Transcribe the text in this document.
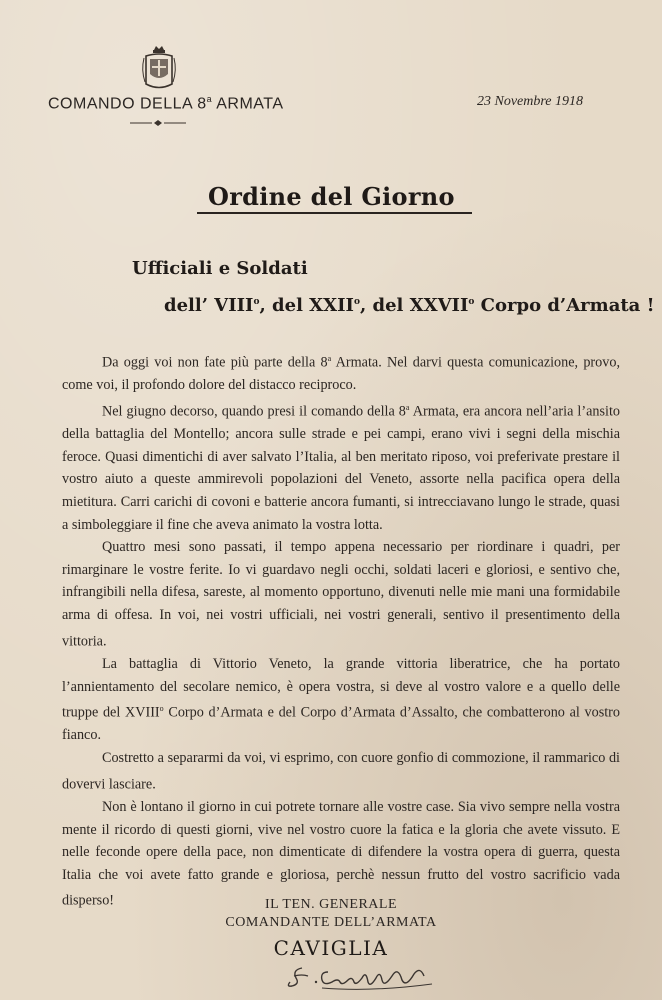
COMANDO DELLA 8$^a$ ARMATA	23 Novembre 1918
Ordine del Giorno
Ufficiali e Soldati
dell’ VIII$^o$, del XXII$^o$, del XXVII$^o$ Corpo d’Armata !

Da oggi voi non fate più parte della 8$^a$ Armata. Nel darvi questa comunicazione, provo, come voi, il profondo dolore del distacco reciproco.

Nel giugno decorso, quando presi il comando della 8$^a$ Armata, era ancora nell’aria l’ansito della battaglia del Montello; ancora sulle strade e pei campi, erano vivi i segni della mischia feroce. Quasi dimentichi di aver salvato l’Italia, al ben meritato riposo, voi preferivate prestare il vostro aiuto a queste ammirevoli popolazioni del Veneto, assorte nella pacifica opera della mietitura. Carri carichi di covoni e batterie ancora fumanti, si intrecciavano lungo le strade, quasi a simboleggiare il fine che aveva animato la vostra lotta.

Quattro mesi sono passati, il tempo appena necessario per riordinare i quadri, per rimarginare le vostre ferite. Io vi guardavo negli occhi, soldati laceri e gloriosi, e sentivo che, infrangibili nella difesa, sareste, al momento opportuno, divenuti nelle mie mani una formidabile arma di offesa. In voi, nei vostri ufficiali, nei vostri generali, sentivo il presentimento della vittoria.

La battaglia di Vittorio Veneto, la grande vittoria liberatrice, che ha portato l’annientamento del secolare nemico, è opera vostra, si deve al vostro valore e a quello delle truppe del XVIII$^o$ Corpo d’Armata e del Corpo d’Armata d’Assalto, che combatterono al vostro fianco.

Costretto a separarmi da voi, vi esprimo, con cuore gonfio di commozione, il rammarico di dovervi lasciare.

Non è lontano il giorno in cui potrete tornare alle vostre case. Sia vivo sempre nella vostra mente il ricordo di questi giorni, vive nel vostro cuore la fatica e la gloria che avete vissuto. E nelle feconde opere della pace, non dimenticate di difendere la vostra opera di guerra, questa Italia che voi avete fatto grande e gloriosa, perchè nessun frutto del vostro sacrificio vada disperso!	IL TEN. GENERALE
COMANDANTE DELL’ARMATA
CAVIGLIA
